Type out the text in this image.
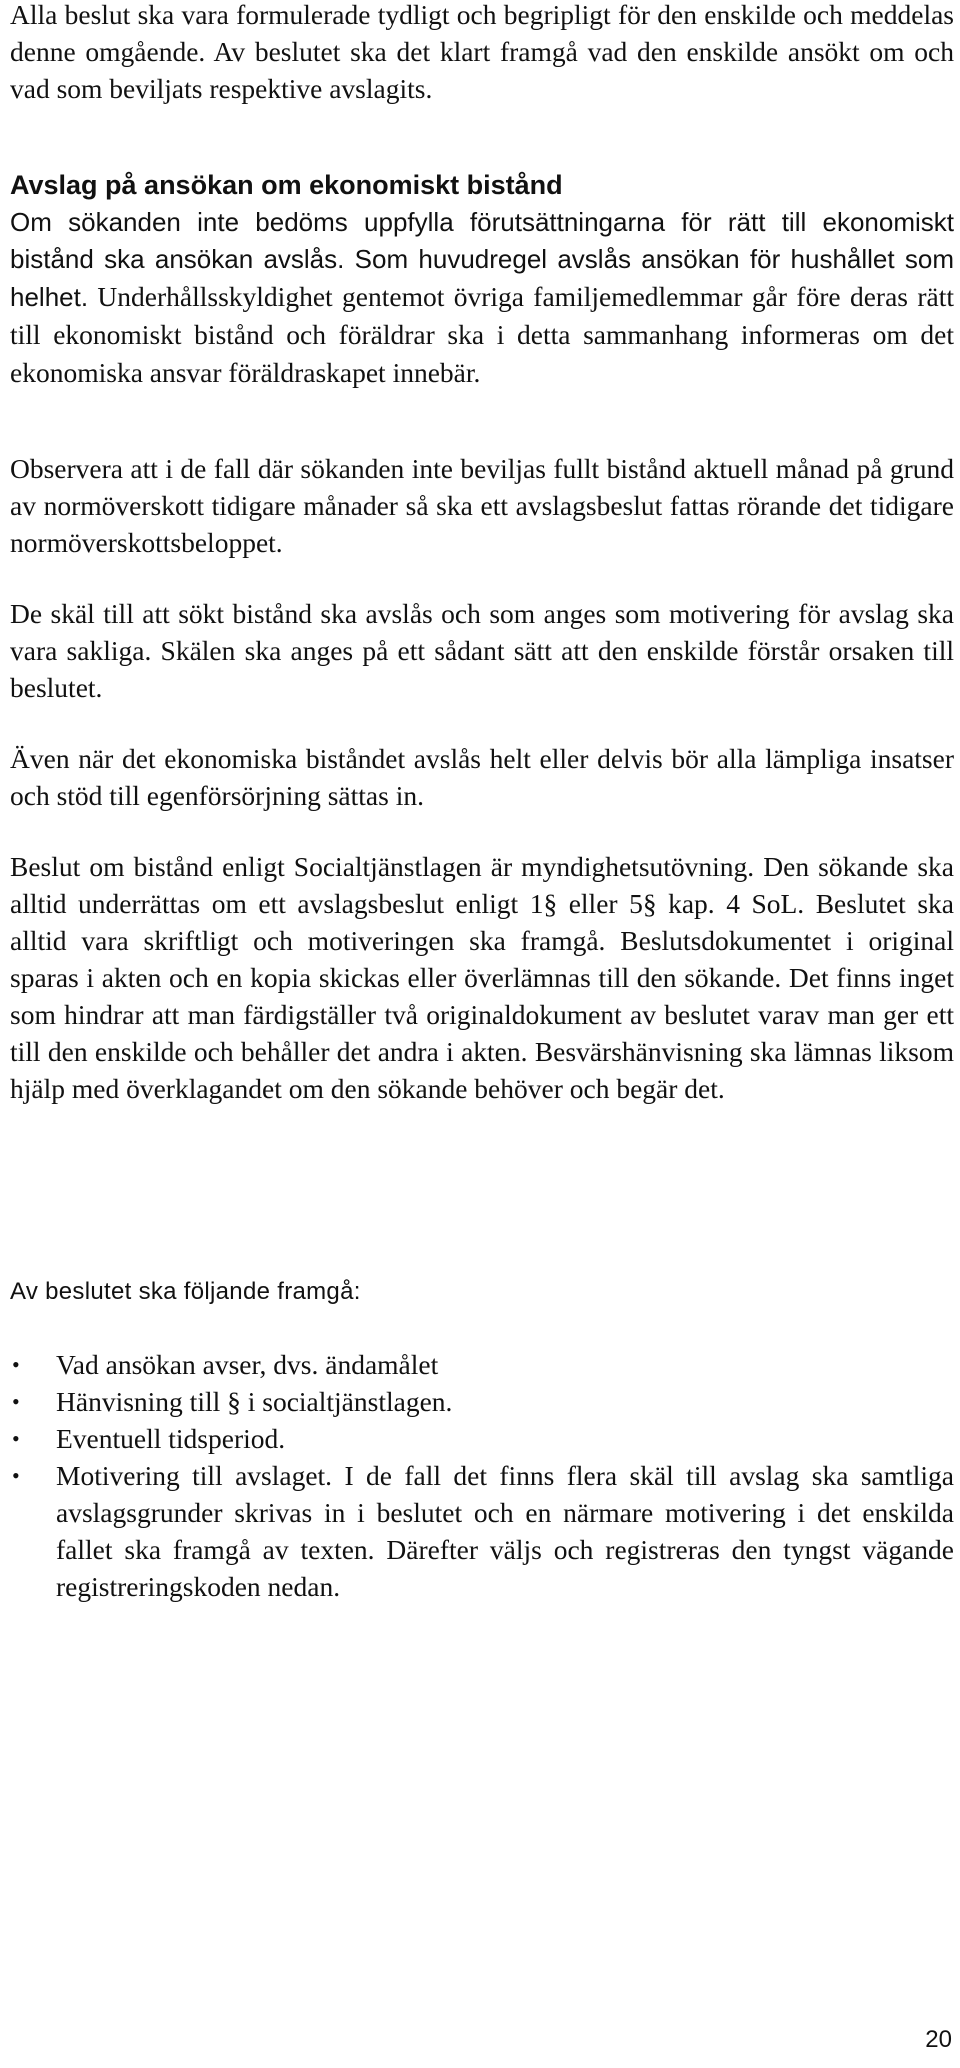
Alla beslut ska vara formulerade tydligt och begripligt för den enskilde och meddelas denne omgående. Av beslutet ska det klart framgå vad den enskilde ansökt om och vad som beviljats respektive avslagits.

Avslag på ansökan om ekonomiskt bistånd

Om sökanden inte bedöms uppfylla förutsättningarna för rätt till ekonomiskt bistånd ska ansökan avslås. Som huvudregel avslås ansökan för hushållet som helhet. Underhållsskyldighet gentemot övriga familjemedlemmar går före deras rätt till ekonomiskt bistånd och föräldrar ska i detta sammanhang informeras om det ekonomiska ansvar föräldraskapet innebär.

Observera att i de fall där sökanden inte beviljas fullt bistånd aktuell månad på grund av normöverskott tidigare månader så ska ett avslagsbeslut fattas rörande det tidigare normöverskottsbeloppet.

De skäl till att sökt bistånd ska avslås och som anges som motivering för avslag ska vara sakliga. Skälen ska anges på ett sådant sätt att den enskilde förstår orsaken till beslutet.

Även när det ekonomiska biståndet avslås helt eller delvis bör alla lämpliga insatser och stöd till egenförsörjning sättas in.

Beslut om bistånd enligt Socialtjänstlagen är myndighetsutövning. Den sökande ska alltid underrättas om ett avslagsbeslut enligt 1§ eller 5§ kap. 4 SoL. Beslutet ska alltid vara skriftligt och motiveringen ska framgå. Beslutsdokumentet i original sparas i akten och en kopia skickas eller överlämnas till den sökande. Det finns inget som hindrar att man färdigställer två originaldokument av beslutet varav man ger ett till den enskilde och behåller det andra i akten. Besvärshänvisning ska lämnas liksom hjälp med överklagandet om den sökande behöver och begär det.

Av beslutet ska följande framgå:

• Vad ansökan avser, dvs. ändamålet
• Hänvisning till § i socialtjänstlagen.
• Eventuell tidsperiod.
• Motivering till avslaget. I de fall det finns flera skäl till avslag ska samtliga avslagsgrunder skrivas in i beslutet och en närmare motivering i det enskilda fallet ska framgå av texten. Därefter väljs och registreras den tyngst vägande registreringskoden nedan.
20
